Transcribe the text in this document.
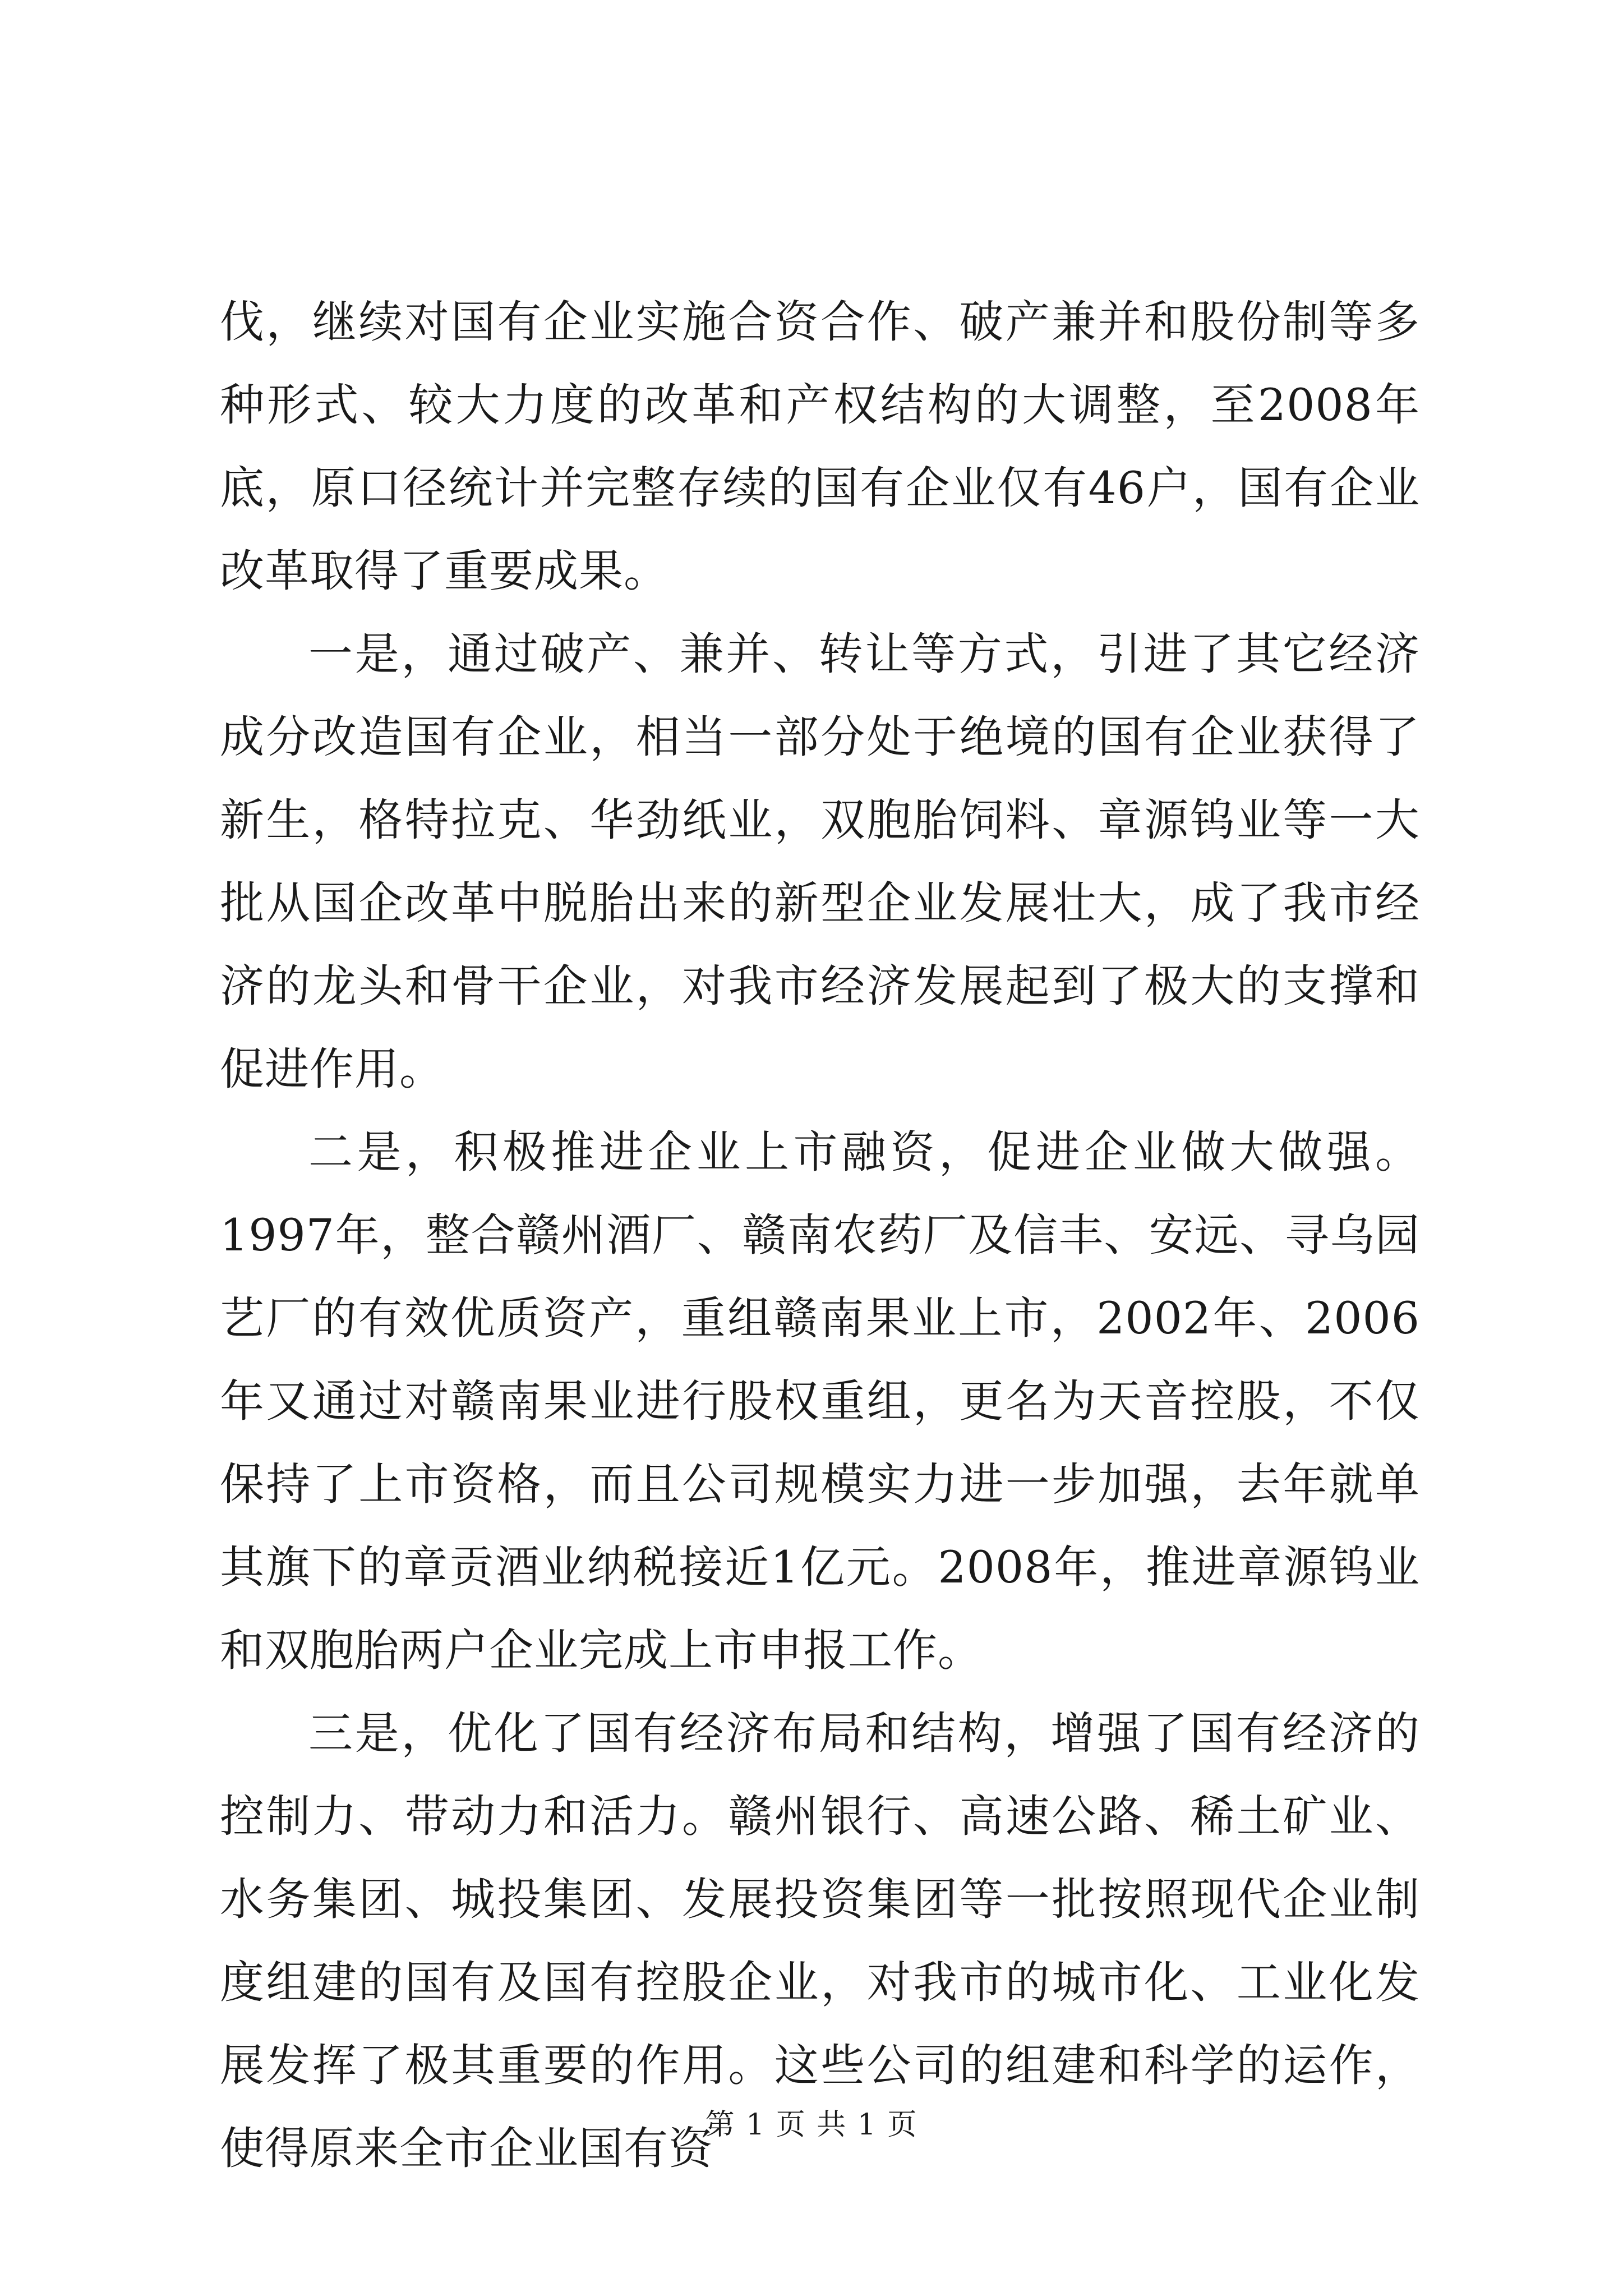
伐，继续对国有企业实施合资合作、破产兼并和股份制等多种形式、较大力度的改革和产权结构的大调整，至2008年底，原口径统计并完整存续的国有企业仅有46户，国有企业改革取得了重要成果。

一是，通过破产、兼并、转让等方式，引进了其它经济成分改造国有企业，相当一部分处于绝境的国有企业获得了新生，格特拉克、华劲纸业，双胞胎饲料、章源钨业等一大批从国企改革中脱胎出来的新型企业发展壮大，成了我市经济的龙头和骨干企业，对我市经济发展起到了极大的支撑和促进作用。

二是，积极推进企业上市融资，促进企业做大做强。1997年，整合赣州酒厂、赣南农药厂及信丰、安远、寻乌园艺厂的有效优质资产，重组赣南果业上市，2002年、2006年又通过对赣南果业进行股权重组，更名为天音控股，不仅保持了上市资格，而且公司规模实力进一步加强，去年就单其旗下的章贡酒业纳税接近1亿元。2008年，推进章源钨业和双胞胎两户企业完成上市申报工作。

三是，优化了国有经济布局和结构，增强了国有经济的控制力、带动力和活力。赣州银行、高速公路、稀土矿业、水务集团、城投集团、发展投资集团等一批按照现代企业制度组建的国有及国有控股企业，对我市的城市化、工业化发展发挥了极其重要的作用。这些公司的组建和科学的运作，使得原来全市企业国有资

第 1 页 共 1 页
